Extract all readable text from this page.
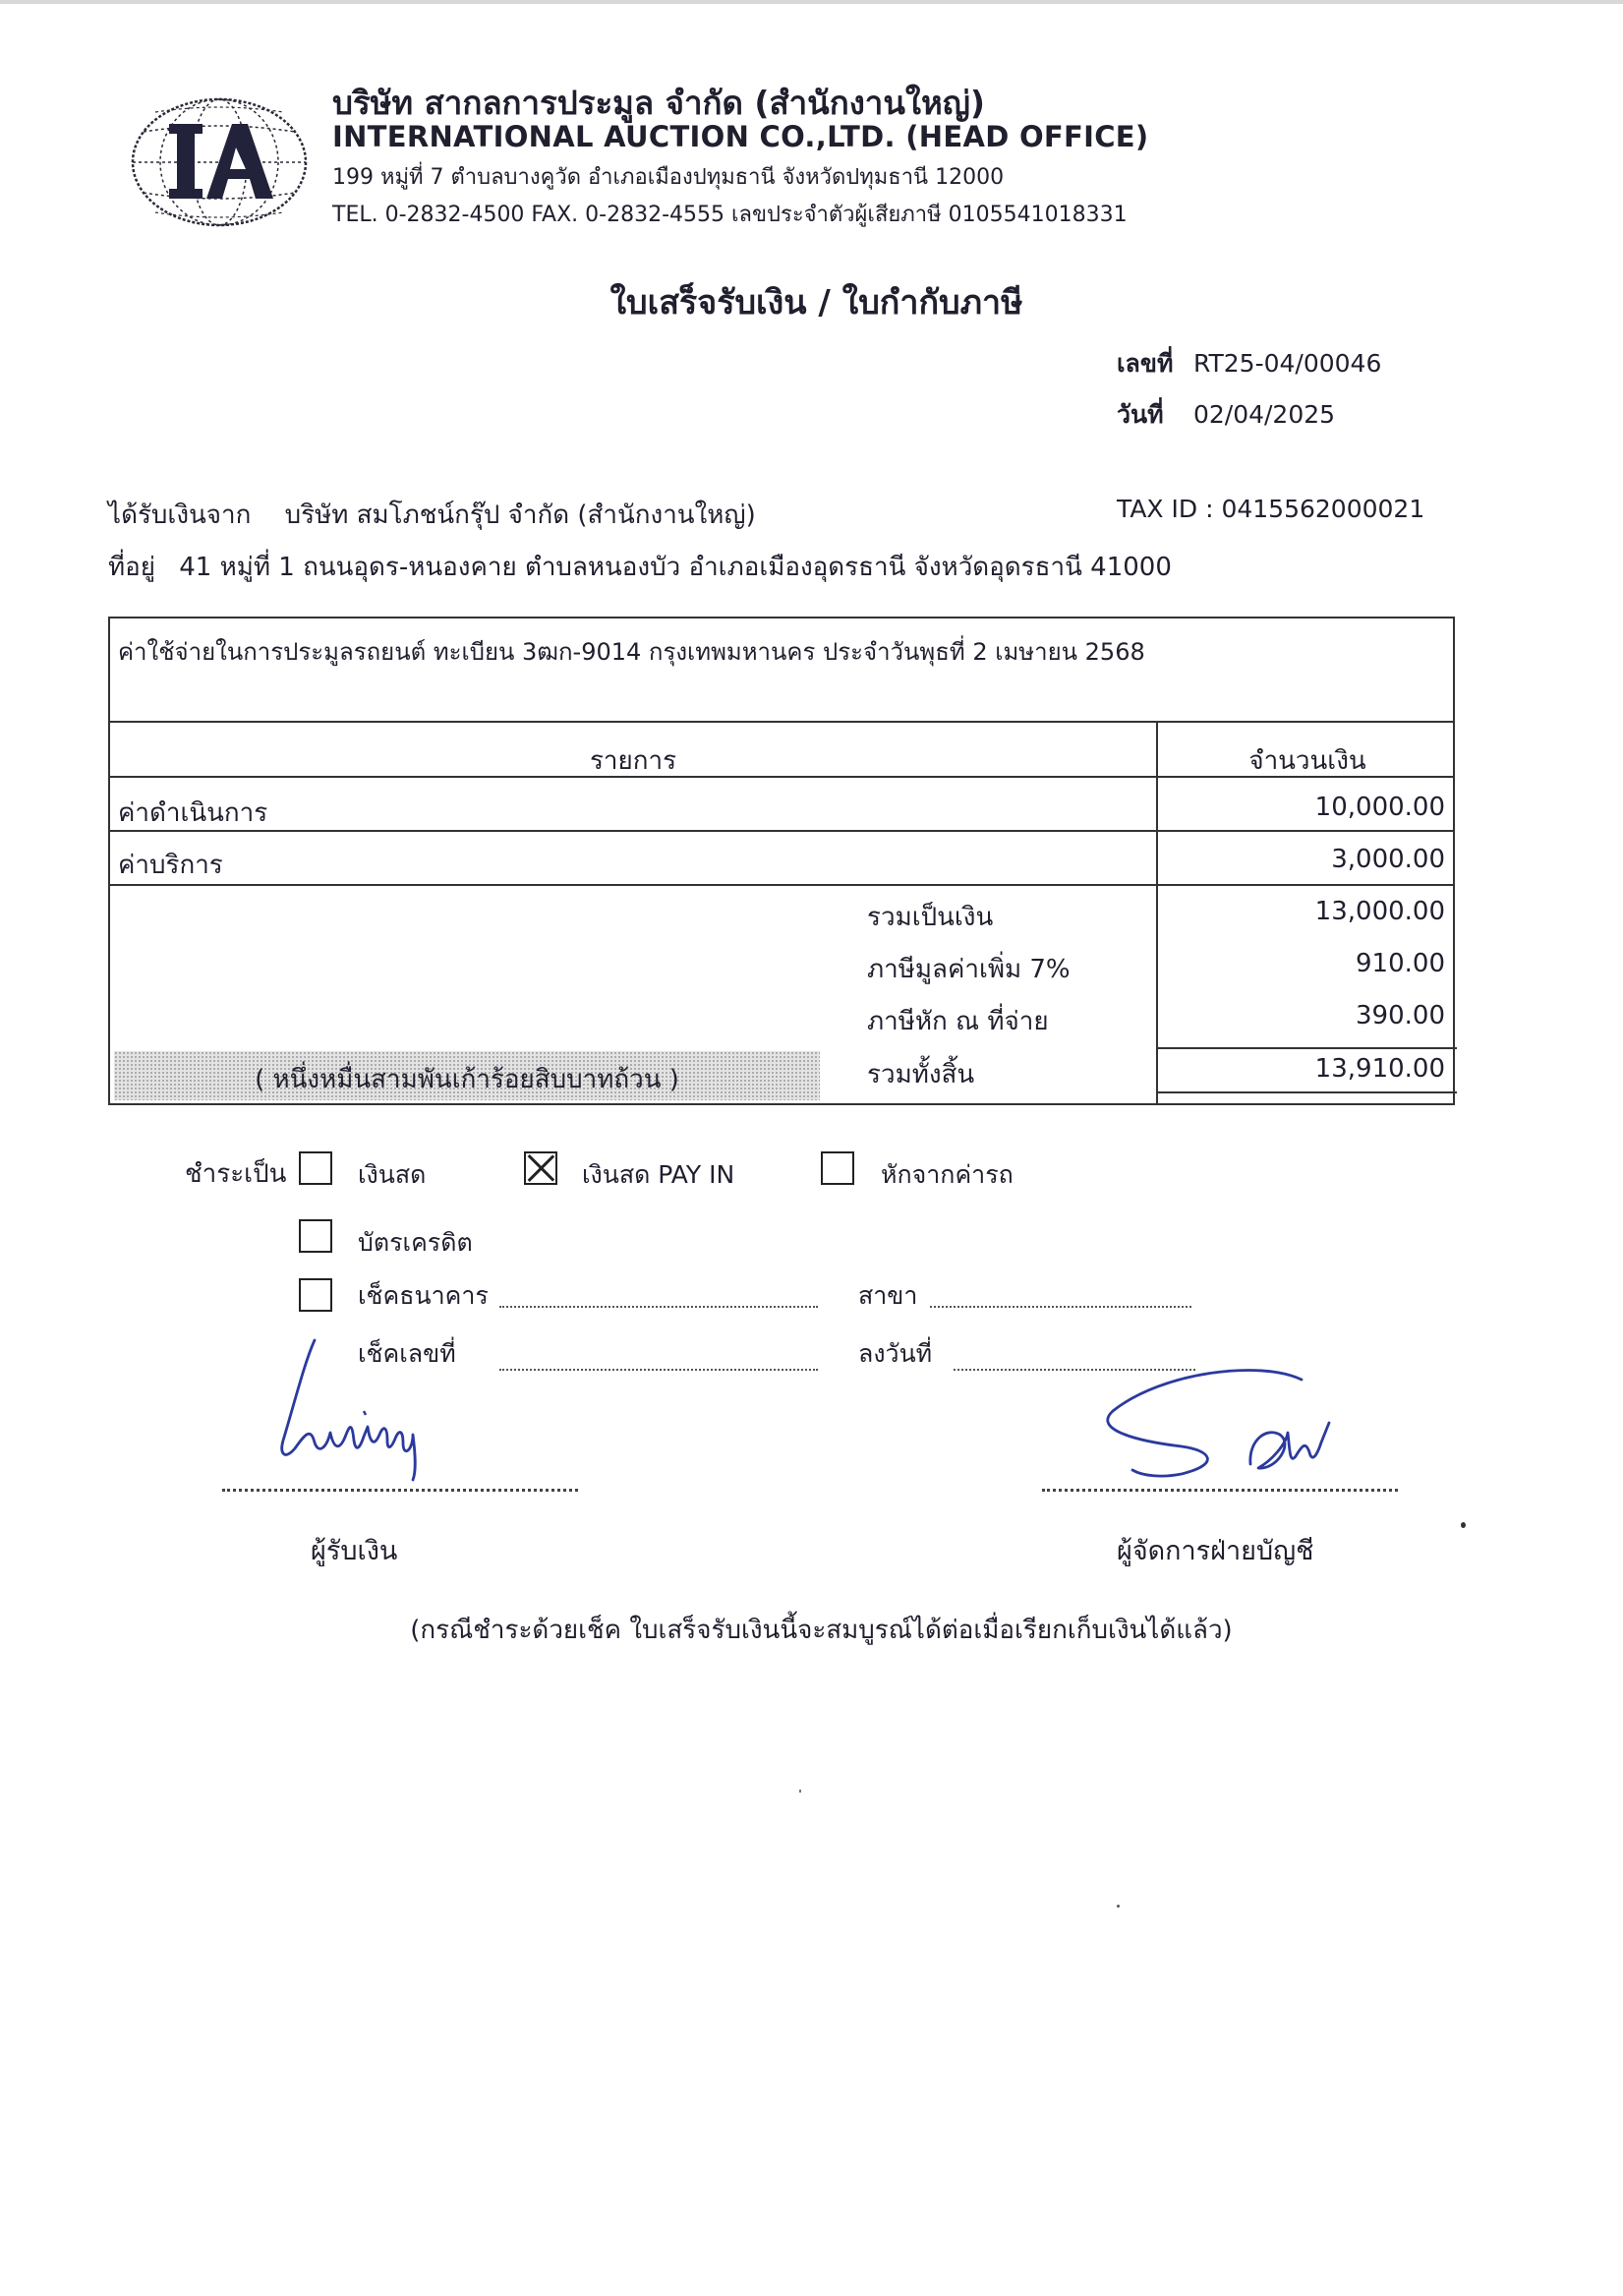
บริษัท สากลการประมูล จำกัด (สำนักงานใหญ่)
INTERNATIONAL AUCTION CO.,LTD. (HEAD OFFICE)
199 หมู่ที่ 7 ตำบลบางคูวัด อำเภอเมืองปทุมธานี จังหวัดปทุมธานี 12000
TEL. 0-2832-4500 FAX. 0-2832-4555 เลขประจำตัวผู้เสียภาษี 0105541018331
ใบเสร็จรับเงิน / ใบกำกับภาษี
เลขที่ RT25-04/00046
วันที่ 02/04/2025
ได้รับเงินจาก บริษัท สมโภชน์กรุ๊ป จำกัด (สำนักงานใหญ่)	TAX ID : 0415562000021
ที่อยู่ 41 หมู่ที่ 1 ถนนอุดร-หนองคาย ตำบลหนองบัว อำเภอเมืองอุดรธานี จังหวัดอุดรธานี 41000
ค่าใช้จ่ายในการประมูลรถยนต์ ทะเบียน 3ฒก-9014 กรุงเทพมหานคร ประจำวันพุธที่ 2 เมษายน 2568
รายการ	จำนวนเงิน
ค่าดำเนินการ	10,000.00
ค่าบริการ	3,000.00
รวมเป็นเงิน	13,000.00
ภาษีมูลค่าเพิ่ม 7%	910.00
ภาษีหัก ณ ที่จ่าย	390.00
( หนึ่งหมื่นสามพันเก้าร้อยสิบบาทถ้วน )	รวมทั้งสิ้น	13,910.00
ชำระเป็น	เงินสด	เงินสด PAY IN	หักจากค่ารถ
บัตรเครดิต
เช็คธนาคาร	สาขา
เช็คเลขที่	ลงวันที่
ผู้รับเงิน	ผู้จัดการฝ่ายบัญชี
(กรณีชำระด้วยเช็ค ใบเสร็จรับเงินนี้จะสมบูรณ์ได้ต่อเมื่อเรียกเก็บเงินได้แล้ว)
